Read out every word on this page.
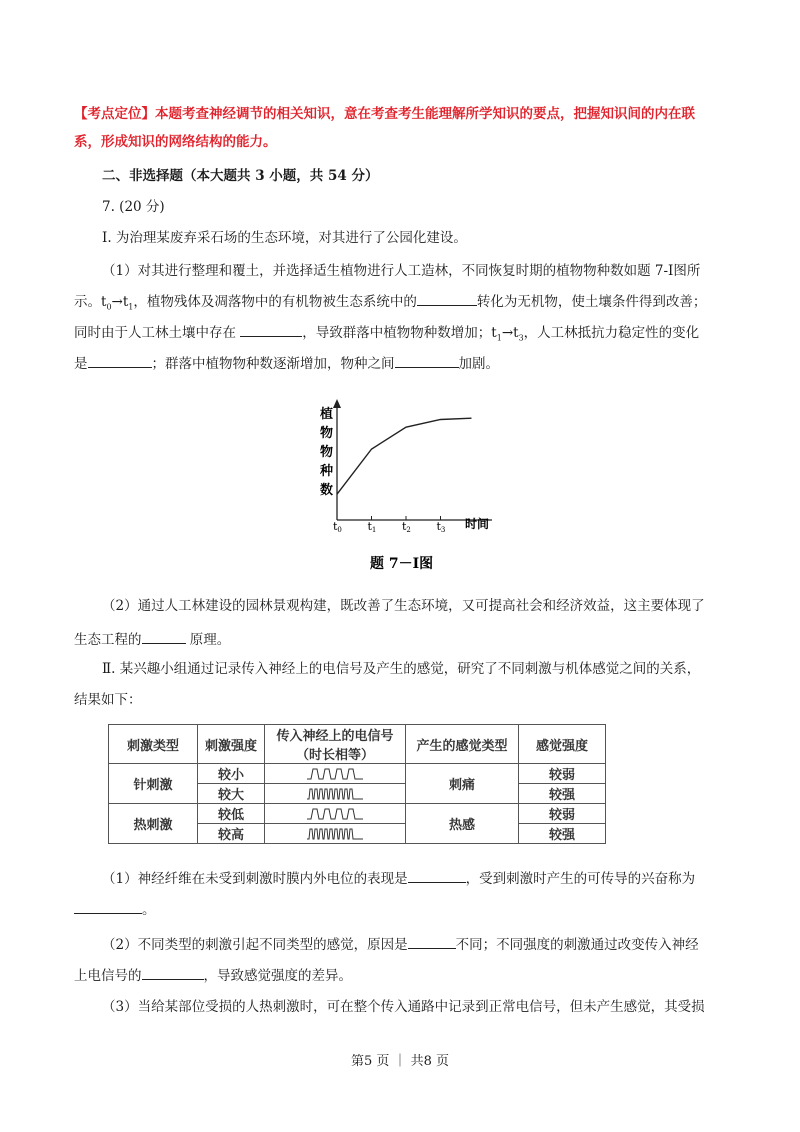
【考点定位】本题考查神经调节的相关知识，意在考查考生能理解所学知识的要点，把握知识间的内在联
系，形成知识的网络结构的能力。
二、非选择题（本大题共 3 小题，共 54 分）
7. (20 分)
Ⅰ. 为治理某废弃采石场的生态环境，对其进行了公园化建设。
（1）对其进行整理和覆土，并选择适生植物进行人工造林，不同恢复时期的植物物种数如题 7-Ⅰ图所
示。$t_0\to t_1$，植物残体及凋落物中的有机物被生态系统中的	转化为无机物，使土壤条件得到改善；
同时由于人工林土壤中存在	，导致群落中植物物种数增加；$t_1\to t_3$，人工林抵抗力稳定性的变化
是	；群落中植物物种数逐渐增加，物种之间	加剧。
植
物
物
种
数
t0 t1 t2 t3 时间
题 7－Ⅰ图
（2）通过人工林建设的园林景观构建，既改善了生态环境，又可提高社会和经济效益，这主要体现了
生态工程的	原理。
Ⅱ. 某兴趣小组通过记录传入神经上的电信号及产生的感觉，研究了不同刺激与机体感觉之间的关系，
结果如下：
刺激类型	刺激强度	传入神经上的电信号	产生的感觉类型	感觉强度
		（时长相等）		
针刺激	较小		刺痛	较弱
	较大			较强
热刺激	较低		热感	较弱
	较高			较强
（1）神经纤维在未受到刺激时膜内外电位的表现是	，受到刺激时产生的可传导的兴奋称为
。
（2）不同类型的刺激引起不同类型的感觉，原因是	不同；不同强度的刺激通过改变传入神经
上电信号的	，导致感觉强度的差异。
（3）当给某部位受损的人热刺激时，可在整个传入通路中记录到正常电信号，但未产生感觉，其受损
第5 页 ｜ 共8 页
